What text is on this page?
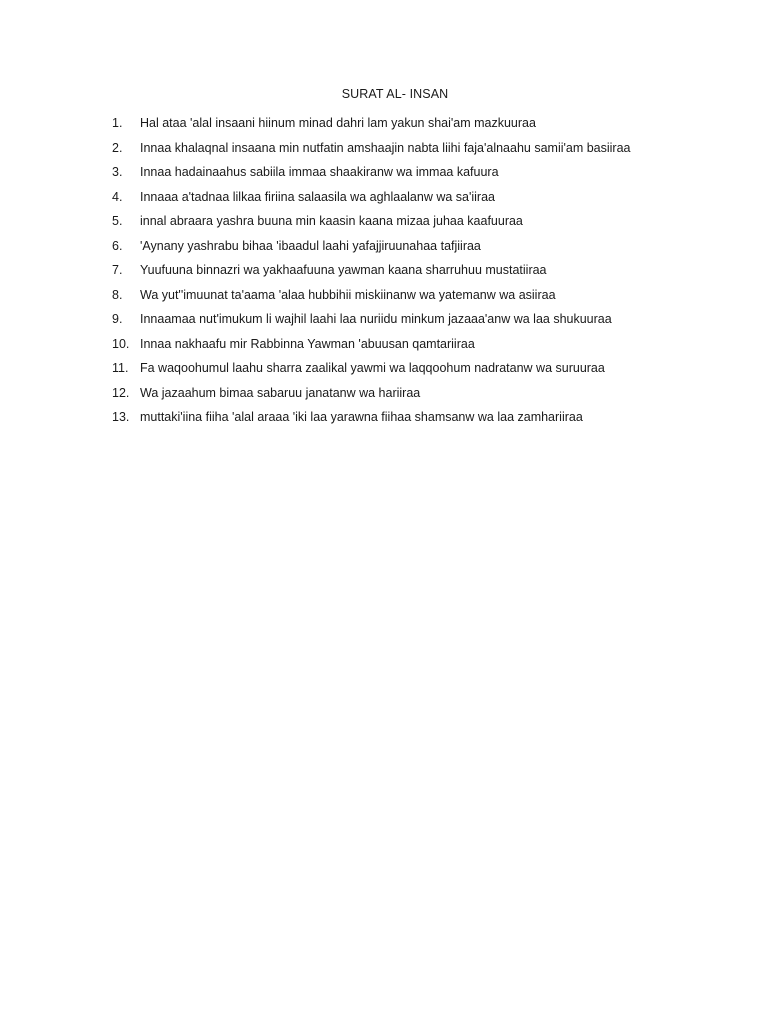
SURAT AL- INSAN
1.	Hal ataa 'alal insaani hiinum minad dahri lam yakun shai'am mazkuuraa
2.	Innaa khalaqnal insaana min nutfatin amshaajin nabta liihi faja'alnaahu samii'am basiiraa
3.	Innaa hadainaahus sabiila immaa shaakiranw wa immaa kafuura
4.	Innaaa a'tadnaa lilkaa firiina salaasila wa aghlaalanw wa sa'iiraa
5.	innal abraara yashra buuna min kaasin kaana mizaa juhaa kaafuuraa
6.	'Aynany yashrabu bihaa 'ibaadul laahi yafajjiruunahaa tafjiiraa
7.	Yuufuuna binnazri wa yakhaafuuna yawman kaana sharruhuu mustatiiraa
8.	Wa yut''imuunat ta'aama 'alaa hubbihii miskiinanw wa yatemanw wa asiiraa
9.	Innaamaa nut'imukum li wajhil laahi laa nuriidu minkum jazaaa'anw wa laa shukuuraa
10. Innaa nakhaafu mir Rabbinna Yawman 'abuusan qamtariiraa
11. Fa waqoohumul laahu sharra zaalikal yawmi wa laqqoohum nadratanw wa suruuraa
12. Wa jazaahum bimaa sabaruu janatanw wa hariiraa
13. muttaki'iina fiiha 'alal araaa 'iki laa yarawna fiihaa shamsanw wa laa zamhariiraa
